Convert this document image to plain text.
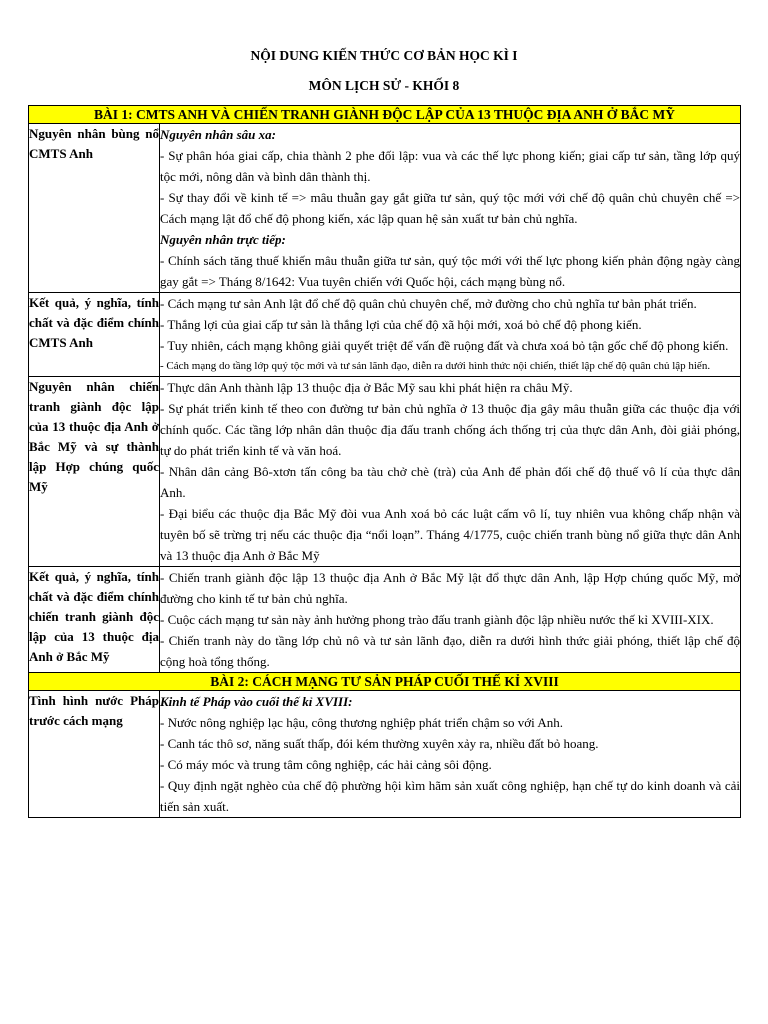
NỘI DUNG KIẾN THỨC CƠ BẢN HỌC KÌ I
MÔN LỊCH SỬ - KHỐI 8
BÀI 1: CMTS ANH VÀ CHIẾN TRANH GIÀNH ĐỘC LẬP CỦA 13 THUỘC ĐỊA ANH Ở BẮC MỸ	
Nguyên nhân bùng nổ CMTS Anh	Nguyên nhân sâu xa:
- Sự phân hóa giai cấp, chia thành 2 phe đối lập: vua và các thế lực phong kiến; giai cấp tư sản, tầng lớp quý tộc mới, nông dân và bình dân thành thị.
- Sự thay đổi về kinh tế => mâu thuẫn gay gắt giữa tư sản, quý tộc mới với chế độ quân chủ chuyên chế => Cách mạng lật đổ chế độ phong kiến, xác lập quan hệ sản xuất tư bản chủ nghĩa.
Nguyên nhân trực tiếp:
- Chính sách tăng thuế khiến mâu thuẫn giữa tư sản, quý tộc mới với thế lực phong kiến phản động ngày càng gay gắt => Tháng 8/1642: Vua tuyên chiến với Quốc hội, cách mạng bùng nổ.

Kết quả, ý nghĩa, tính chất và đặc điểm chính CMTS Anh	- Cách mạng tư sản Anh lật đổ chế độ quân chủ chuyên chế, mở đường cho chủ nghĩa tư bản phát triển.
- Thắng lợi của giai cấp tư sản là thắng lợi của chế độ xã hội mới, xoá bỏ chế độ phong kiến.
- Tuy nhiên, cách mạng không giải quyết triệt để vấn đề ruộng đất và chưa xoá bỏ tận gốc chế độ phong kiến.
- Cách mạng do tầng lớp quý tộc mới và tư sản lãnh đạo, diễn ra dưới hình thức nội chiến, thiết lập chế độ quân chủ lập hiến.

Nguyên nhân chiến tranh giành độc lập của 13 thuộc địa Anh ở Bắc Mỹ và sự thành lập Hợp chúng quốc Mỹ	- Thực dân Anh thành lập 13 thuộc địa ở Bắc Mỹ sau khi phát hiện ra châu Mỹ.
- Sự phát triển kinh tế theo con đường tư bản chủ nghĩa ở 13 thuộc địa gây mâu thuẫn giữa các thuộc địa với chính quốc. Các tầng lớp nhân dân thuộc địa đấu tranh chống ách thống trị của thực dân Anh, đòi giải phóng, tự do phát triển kinh tế và văn hoá.
- Nhân dân cảng Bô-xtơn tấn công ba tàu chở chè (trà) của Anh để phản đối chế độ thuế vô lí của thực dân Anh.
- Đại biểu các thuộc địa Bắc Mỹ đòi vua Anh xoá bỏ các luật cấm vô lí, tuy nhiên vua không chấp nhận và tuyên bố sẽ trừng trị nếu các thuộc địa “nổi loạn”. Tháng 4/1775, cuộc chiến tranh bùng nổ giữa thực dân Anh và 13 thuộc địa Anh ở Bắc Mỹ

Kết quả, ý nghĩa, tính chất và đặc điểm chính chiến tranh giành độc lập của 13 thuộc địa Anh ở Bắc Mỹ	- Chiến tranh giành độc lập 13 thuộc địa Anh ở Bắc Mỹ lật đổ thực dân Anh, lập Hợp chúng quốc Mỹ, mở đường cho kinh tế tư bản chủ nghĩa.
- Cuộc cách mạng tư sản này ảnh hưởng phong trào đấu tranh giành độc lập nhiều nước thế kỉ XVIII-XIX.
- Chiến tranh này do tầng lớp chủ nô và tư sản lãnh đạo, diễn ra dưới hình thức giải phóng, thiết lập chế độ cộng hoà tổng thống.

BÀI 2: CÁCH MẠNG TƯ SẢN PHÁP CUỐI THẾ KỈ XVIII	
Tình hình nước Pháp trước cách mạng	Kinh tế Pháp vào cuối thế kỉ XVIII:
- Nước nông nghiệp lạc hậu, công thương nghiệp phát triển chậm so với Anh.
- Canh tác thô sơ, năng suất thấp, đói kém thường xuyên xảy ra, nhiều đất bỏ hoang.
- Có máy móc và trung tâm công nghiệp, các hải cảng sôi động.
- Quy định ngặt nghèo của chế độ phường hội kìm hãm sản xuất công nghiệp, hạn chế tự do kinh doanh và cải tiến sản xuất.
